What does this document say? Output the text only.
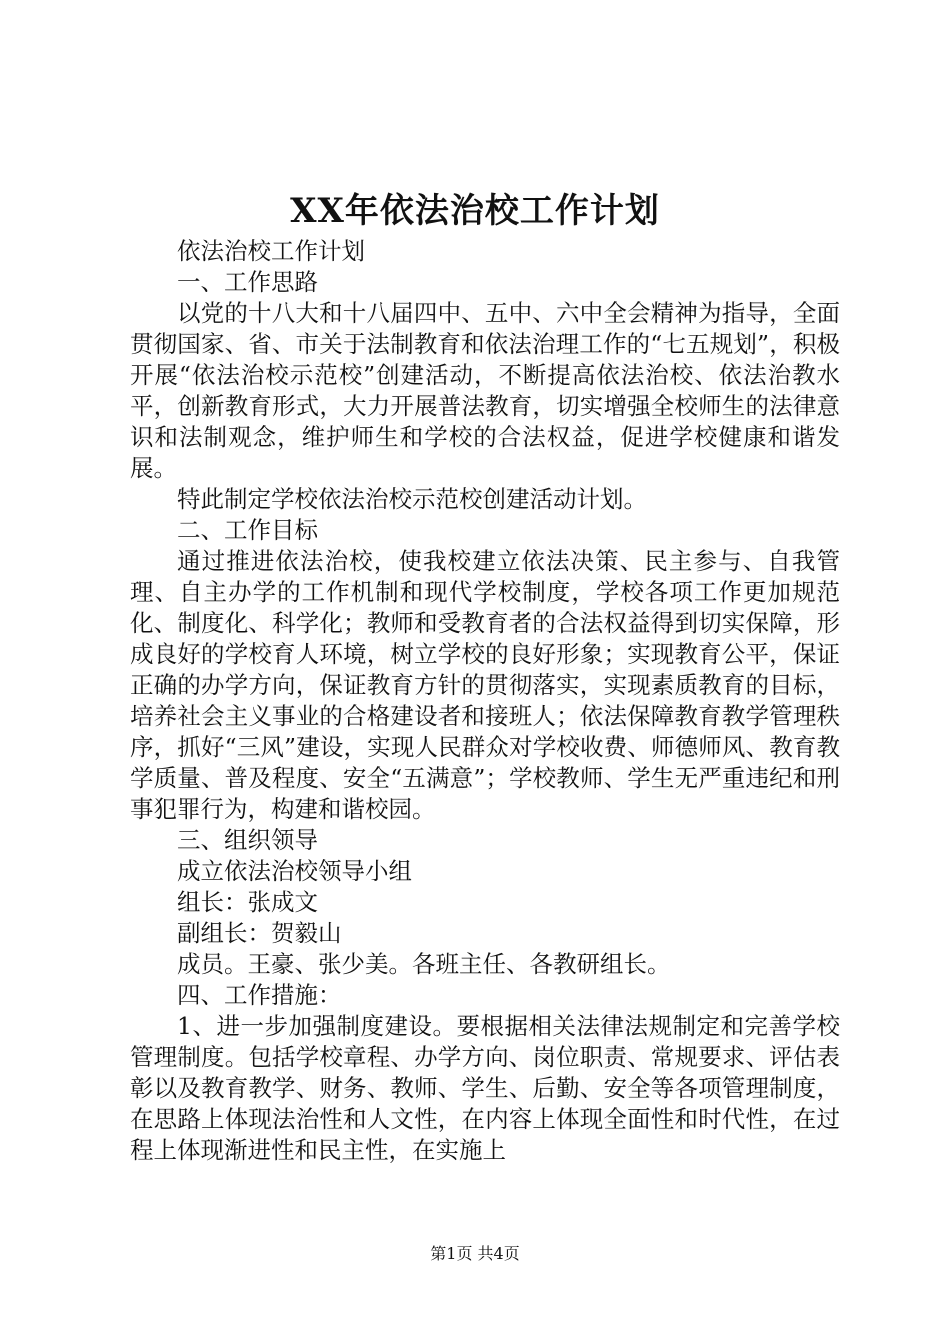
XX年依法治校工作计划

依法治校工作计划

一、工作思路

以党的十八大和十八届四中、五中、六中全会精神为指导，全面贯彻国家、省、市关于法制教育和依法治理工作的“七五规划”，积极开展“依法治校示范校”创建活动，不断提高依法治校、依法治教水平，创新教育形式，大力开展普法教育，切实增强全校师生的法律意识和法制观念，维护师生和学校的合法权益，促进学校健康和谐发展。

特此制定学校依法治校示范校创建活动计划。

二、工作目标

通过推进依法治校，使我校建立依法决策、民主参与、自我管理、自主办学的工作机制和现代学校制度，学校各项工作更加规范化、制度化、科学化；教师和受教育者的合法权益得到切实保障，形成良好的学校育人环境，树立学校的良好形象；实现教育公平，保证正确的办学方向，保证教育方针的贯彻落实，实现素质教育的目标，培养社会主义事业的合格建设者和接班人；依法保障教育教学管理秩序，抓好“三风”建设，实现人民群众对学校收费、师德师风、教育教学质量、普及程度、安全“五满意”；学校教师、学生无严重违纪和刑事犯罪行为，构建和谐校园。

三、组织领导

成立依法治校领导小组

组长：张成文

副组长：贺毅山

成员。王豪、张少美。各班主任、各教研组长。

四、工作措施：

1、进一步加强制度建设。要根据相关法律法规制定和完善学校管理制度。包括学校章程、办学方向、岗位职责、常规要求、评估表彰以及教育教学、财务、教师、学生、后勤、安全等各项管理制度，在思路上体现法治性和人文性，在内容上体现全面性和时代性，在过程上体现渐进性和民主性，在实施上

第1页 共4页
